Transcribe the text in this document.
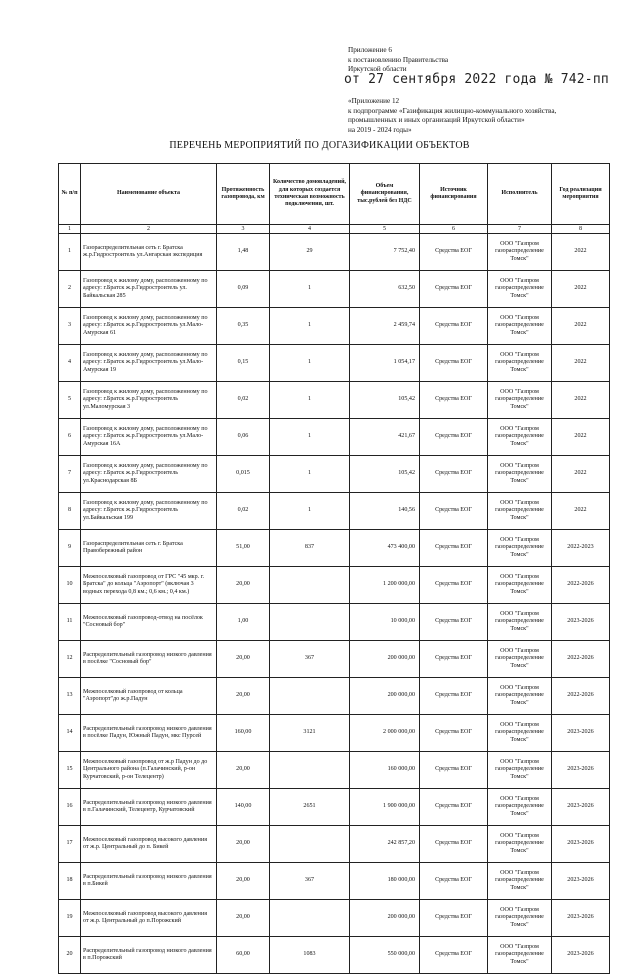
Приложение 6
к постановлению Правительства
Иркутской области
от 27 сентября 2022 года № 742-пп
«Приложение 12
к подпрограмме «Газификация жилищно-коммунального хозяйства,
промышленных и иных организаций Иркутской области»
на 2019 - 2024 годы»
ПЕРЕЧЕНЬ МЕРОПРИЯТИЙ ПО ДОГАЗИФИКАЦИИ ОБЪЕКТОВ
№ п/п	Наименование объекта	Протяженность газопровода, км	Количество домовладений, для которых создается техническая возможность подключения, шт.	Объем финансирования, тыс.рублей без НДС	Источник финансирования	Исполнитель	Год реализации мероприятия
1	2	3	4	5	6	7	8
1	Газораспределительная сеть г. Братска ж.р.Гидростроитель ул.Ангарская экспедиция	1,48	29	7 752,40	Средства ЕОГ	ООО "Газпром газораспределение Томск"	2022
2	Газопровод к жилому дому, расположенному по адресу: г.Братск ж.р.Гидростроитель ул. Байкальская 285	0,09	1	632,50	Средства ЕОГ	ООО "Газпром газораспределение Томск"	2022
3	Газопровод к жилому дому, расположенному по адресу: г.Братск ж.р.Гидростроитель ул.Мало-Амурская 61	0,35	1	2 459,74	Средства ЕОГ	ООО "Газпром газораспределение Томск"	2022
4	Газопровод к жилому дому, расположенному по адресу: г.Братск ж.р.Гидростроитель ул.Мало-Амурская 19	0,15	1	1 054,17	Средства ЕОГ	ООО "Газпром газораспределение Томск"	2022
5	Газопровод к жилому дому, расположенному по адресу: г.Братск ж.р.Гидростроитель ул.Маломурская 3	0,02	1	105,42	Средства ЕОГ	ООО "Газпром газораспределение Томск"	2022
6	Газопровод к жилому дому, расположенному по адресу: г.Братск ж.р.Гидростроитель ул.Мало-Амурская 16А	0,06	1	421,67	Средства ЕОГ	ООО "Газпром газораспределение Томск"	2022
7	Газопровод к жилому дому, расположенному по адресу: г.Братск ж.р.Гидростроитель ул.Краснодарская 8Б	0,015	1	105,42	Средства ЕОГ	ООО "Газпром газораспределение Томск"	2022
8	Газопровод к жилому дому, расположенному по адресу: г.Братск ж.р.Гидростроитель ул.Байкальская 199	0,02	1	140,56	Средства ЕОГ	ООО "Газпром газораспределение Томск"	2022
9	Газораспределительная сеть г. Братска Правобережный район	51,00	837	473 400,00	Средства ЕОГ	ООО "Газпром газораспределение Томск"	2022-2023
10	Межпоселковый газопровод от ГРС "45 мкр. г. Братска" до кольца "Аэропорт" (включая 3 водных перехода 0,8 км.; 0,6 км.; 0,4 км.)	20,00		1 200 000,00	Средства ЕОГ	ООО "Газпром газораспределение Томск"	2022-2026
11	Межпоселковый газопровод-отвод на посёлок "Сосновый бор"	1,00		10 000,00	Средства ЕОГ	ООО "Газпром газораспределение Томск"	2023-2026
12	Распределительный газопровод низкого давления в посёлке "Сосновый бор"	20,00	367	200 000,00	Средства ЕОГ	ООО "Газпром газораспределение Томск"	2022-2026
13	Межпоселковый газопровод от кольца "Аэропорт"до ж.р.Падун	20,00		200 000,00	Средства ЕОГ	ООО "Газпром газораспределение Томск"	2022-2026
14	Распределительный газопровод низкого давления в посёлке Падун, Южный Падун, мкс Пурсей	160,00	3121	2 000 000,00	Средства ЕОГ	ООО "Газпром газораспределение Томск"	2023-2026
15	Межпоселковый газопровод от ж.р Падун до до Центрального района (п.Галачинский, р-он Курчатовский, р-он Телецентр)	20,00		160 000,00	Средства ЕОГ	ООО "Газпром газораспределение Томск"	2023-2026
16	Распределительный газопровод низкого давления в п.Галачинский, Телецентр, Курчатовский	140,00	2651	1 900 000,00	Средства ЕОГ	ООО "Газпром газораспределение Томск"	2023-2026
17	Межпоселковый газопровод высокого давления от ж.р. Центральный до п. Бикей	20,00		242 857,20	Средства ЕОГ	ООО "Газпром газораспределение Томск"	2023-2026
18	Распределительный газопровод низкого давления в п.Бикей	20,00	367	180 000,00	Средства ЕОГ	ООО "Газпром газораспределение Томск"	2023-2026
19	Межпоселковый газопровод высокого давления от ж.р. Центральный до п.Порожский	20,00		200 000,00	Средства ЕОГ	ООО "Газпром газораспределение Томск"	2023-2026
20	Распределительный газопровод низкого давления в п.Порожский	60,00	1083	550 000,00	Средства ЕОГ	ООО "Газпром газораспределение Томск"	2023-2026
